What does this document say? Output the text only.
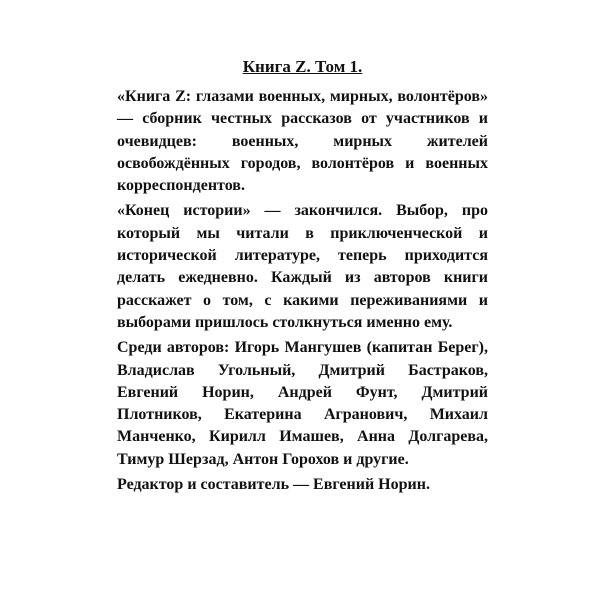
Книга Z. Том 1.
«Книга Z: глазами военных, мирных, волонтёров»
— сборник честных рассказов от участников и
очевидцев: военных, мирных жителей
освобождённых городов, волонтёров и военных
корреспондентов.
«Конец истории» — закончился. Выбор, про
который мы читали в приключенческой и
исторической литературе, теперь приходится
делать ежедневно. Каждый из авторов книги
расскажет о том, с какими переживаниями и
выборами пришлось столкнуться именно ему.
Среди авторов: Игорь Мангушев (капитан Берег),
Владислав Угольный, Дмитрий Бастраков,
Евгений Норин, Андрей Фунт, Дмитрий
Плотников, Екатерина Агранович, Михаил
Манченко, Кирилл Имашев, Анна Долгарева,
Тимур Шерзад, Антон Горохов и другие.
Редактор и составитель — Евгений Норин.
